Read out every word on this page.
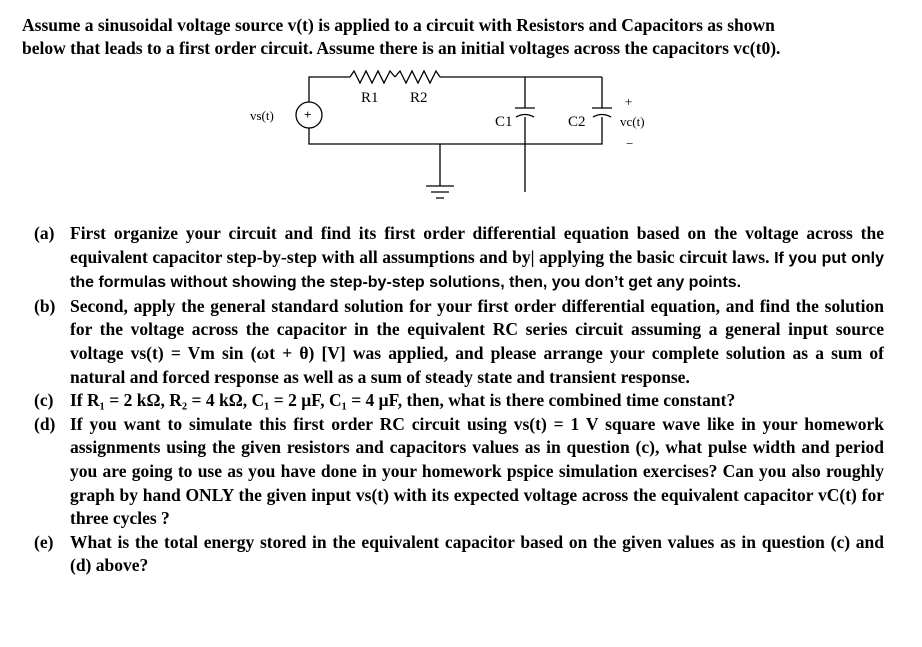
Assume a sinusoidal voltage source v(t) is applied to a circuit with Resistors and Capacitors as shown
below that leads to a first order circuit. Assume there is an initial voltages across the capacitors vc(t0).
vs(t) +
R1 R2
C1	C2
+
vc(t)
−
(a) First organize your circuit and find its first order differential equation based on the voltage across the equivalent capacitor step-by-step with all assumptions and by| applying the basic circuit laws. If you put only the formulas without showing the step-by-step solutions, then, you don’t get any points.
(b) Second, apply the general standard solution for your first order differential equation, and find the solution for the voltage across the capacitor in the equivalent RC series circuit assuming a general input source voltage vs(t) = Vm sin (ωt + θ) [V] was applied, and please arrange your complete solution as a sum of natural and forced response as well as a sum of steady state and transient response.
(c) If R₁ = 2 kΩ, R₂ = 4 kΩ, C₁ = 2 μF, C₁ = 4 μF, then, what is there combined time constant?
(d) If you want to simulate this first order RC circuit using vs(t) = 1 V square wave like in your homework assignments using the given resistors and capacitors values as in question (c), what pulse width and period you are going to use as you have done in your homework pspice simulation exercises? Can you also roughly graph by hand ONLY the given input vs(t) with its expected voltage across the equivalent capacitor vC(t) for three cycles ?
(e) What is the total energy stored in the equivalent capacitor based on the given values as in question (c) and (d) above?
